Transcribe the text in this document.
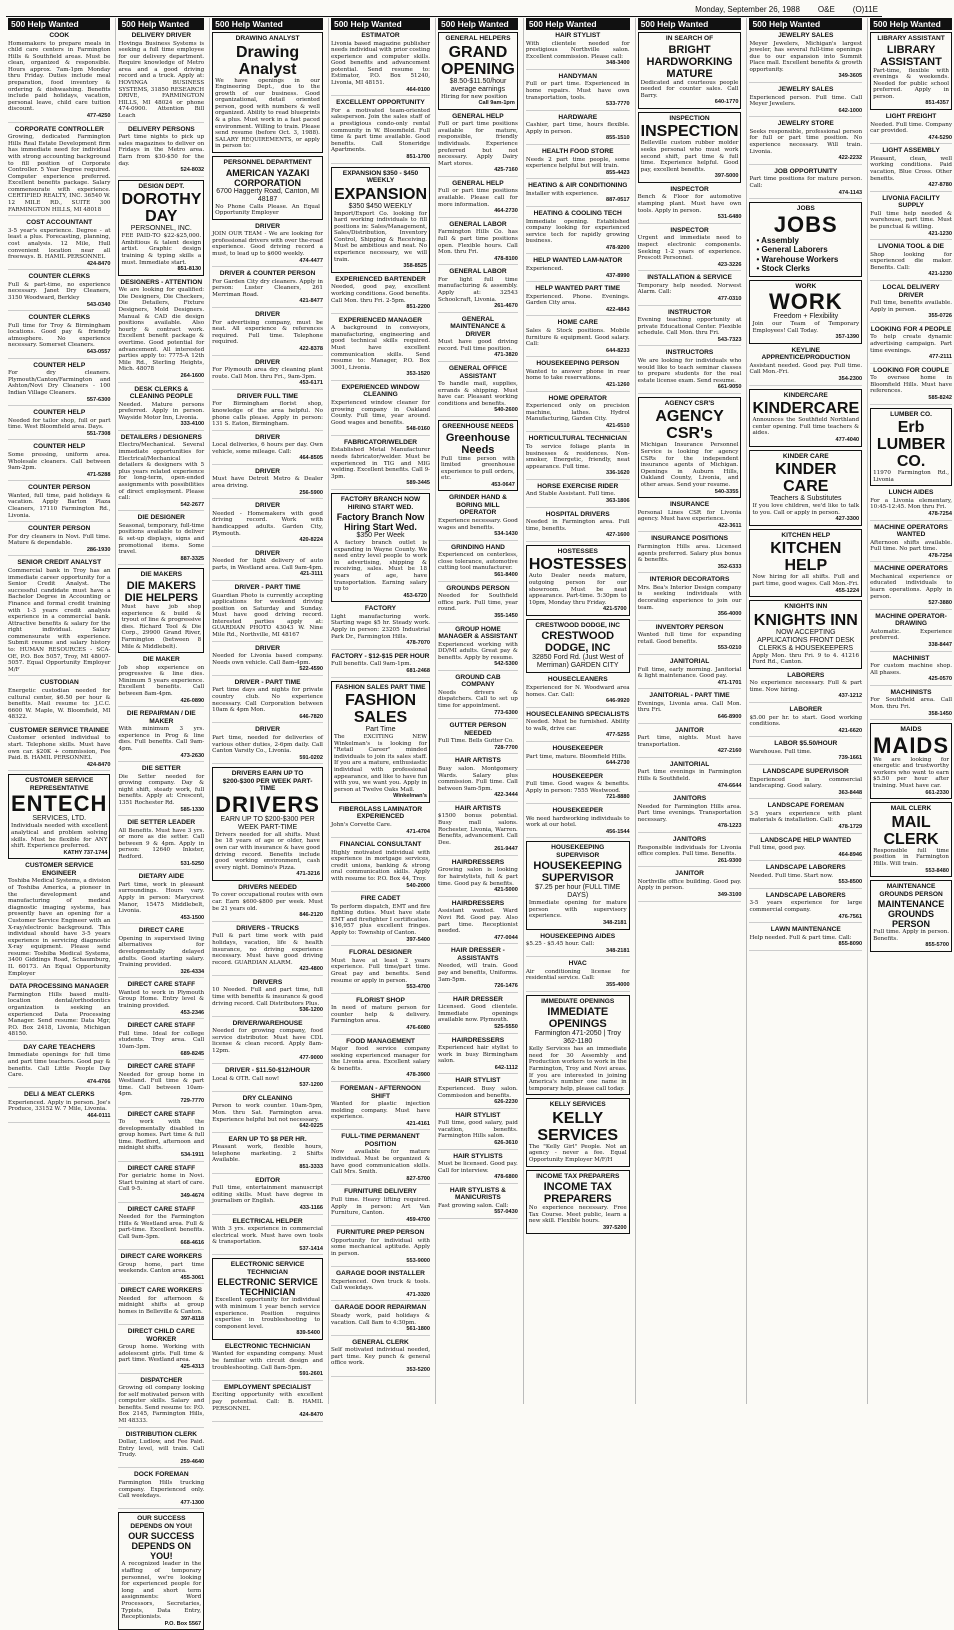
Monday, September 26, 1988 O&E (O)11E
500 Help Wanted
COOK
Homemakers to prepare meals in child care centers in Farmington Hills & Southfield areas. Must be clean, organized & responsible. Hours approx. 7am-1pm Monday thru Friday. Duties include meal preparation, food inventory & ordering & dishwashing. Benefits include paid holidays, vacation, personal leave, child care tuition discount.
477-4250
CORPORATE CONTROLLER
Growing, dedicated Farmington Hills Real Estate Development firm has immediate need for individual with strong accounting background to fill position of Corporate Controller. 5 Year Degree required. Computer experience preferred. Excellent benefits package. Salary commensurate with experience. CERTIFIED REALTY, INC. 36540 W. 12 MILE RD., SUITE 300 FARMINGTON HILLS, MI 48018
COST ACCOUNTANT
3-5 year's experience. Degree - at least a plus. Forecasting, planning, cost analysis. 12 Mile, Hull convenient location near all freeways. B. HAMIL PERSONNEL
424-8470
COUNTER CLERKS
Full & part-time, no experience necessary. Janet Dry Cleaners, 3150 Woodward, Berkley
543-0340
COUNTER CLERKS
Full time for Troy & Birmingham locations. Good pay & friendly atmosphere. No experience necessary. Somerset Cleaners.
643-0557
COUNTER HELP
For dry cleaners. Plymouth/Canton/Farmington and Ashton/Novi Dry Cleaners - 100 Indian Village Cleaners.
557-6300
COUNTER HELP
Needed for tailor shop, full or part time. West Bloomfield area. Days.
551-7308
COUNTER HELP
Some pressing, uniform area. Wholesale cleaners. Call between 9am-2pm.
471-5288
COUNTER PERSON
Wanted, full time, paid holidays & vacation. Apply Barton Plaza Cleaners, 17110 Farmington Rd., Livonia.
COUNTER PERSON
For dry cleaners in Novi. Full time. Mature & dependable.
286-1930
SENIOR CREDIT ANALYST
Commercial bank in Troy has an immediate career opportunity for a Senior Credit Analyst. The successful candidate must have a Bachelor Degree in Accounting or Finance and formal credit training with 1-3 years credit analysis experience in a commercial bank. Attractive benefits & salary for the right individual. Salary commensurate with experience. Submit resume and salary history to: HUMAN RESOURCES - SCA-OE, P.O. Box 5057, Troy, MI 48007-5057. Equal Opportunity Employer M/F
CUSTODIAN
Energetic custodian needed for cultural center, $6.50 per hour & benefits. Mail resume to: J.C.C. 6600 W. Maple, W. Bloomfield, MI 48322.
CUSTOMER SERVICE TRAINEE
Customer oriented individual to start. Telephone skills. Must have own car. $20K + commission, Fee Paid. B. HAMIL PERSONNEL
424-8470
CUSTOMER SERVICE REPRESENTATIVE
ENTECH
SERVICES, LTD.
Individuals needed with excellent analytical and problem solving skills. Must be flexible for ANY shift. Experience preferred.
KATHY 737-1744
CUSTOMER SERVICE ENGINEER
Toshiba Medical Systems, a division of Toshiba America, a pioneer in the development and manufacturing of medical diagnostic imaging systems, has presently have an opening for a Customer Service Engineer with an X-ray/electronic background. This individual should have 3-5 years experience in servicing diagnostic X-ray equipment. Please send resume: Toshiba Medical Systems, 3400 Giddings Road, Schaumburg, IL 60173. An Equal Opportunity Employer
DATA PROCESSING MANAGER
Farmington Hills based multi-location dental/orthodontics organization is seeking an experienced Data Processing Manager. Send resume: Data Mgr, P.O. Box 2418, Livonia, Michigan 48150.
DAY CARE TEACHERS
Immediate openings for full time and part time teachers. Good pay & benefits. Call Little People Day Care.
474-4766
DELI & MEAT CLERKS
Experienced. Apply in person. Joe's Produce, 33152 W. 7 Mile, Livonia.
464-0111
500 Help Wanted
DELIVERY DRIVER
Hovinga Business Systems is seeking a full time employee for our delivery department. Require knowledge of Metro area and a good driving record and a truck. Apply at: HOVINGA BUSINESS SYSTEMS, 31850 RESEARCH DRIVE, FARMINGTON HILLS, MI 48024 or phone 474-0900. Attention Bill Leach
DELIVERY PERSONS
Part time nights to pick up sales magazines to deliver on Fridays in the Metro area. Earn from $30-$50 for the day.
524-8032
DESIGN DEPT.
DOROTHY DAY
PERSONNEL, INC.
FEE PAID-TO $22-$25,000. Ambitious & talent design artist. Graphic design training & typing skills a must. Immediate start.
851-8130
DESIGNERS - ATTENTION
We are looking for qualified: Die Designers, Die Checkers, Die Detailers, Fixture Designers, Mold Designers. Manual & CAD die design positions available. Also hourly & contract work. Excellent benefit package & overtime. Good potential for advancement. All interested parties apply to: 7775-A 12th Mile Rd., Sterling Heights, Mich. 48078
264-1600
DESK CLERKS & CLEANING PEOPLE
Needed. Mature persons preferred. Apply in person. Wayside Motor Inn, Livonia.
333-4100
DETAILERS / DESIGNERS
Electro/Mechanical. Several immediate opportunities for Electrical/Mechanical detailers & designers with 5 plus years related experience for long-term, open-ended assignments with possibilities of direct employment. Please call:
542-2677
DIE DESIGNER
Seasonal, temporary, full-time positions available to deliver & set-up displays, signs and promotional items. Some travel.
887-3325
DIE MAKERS
DIE MAKERS DIE HELPERS
Must have job shop experience & build & tryout of line & progressive dies. Richard Tool & Die Corp., 29900 Grand River, Farmington (between 8 Mile & Middlebelt).
DIE MAKER
Job shop experience on progressive & line dies. Minimum 5 years experience. Excellent benefits. Call between 8am-4pm.
426-0890
DIE REPAIRMAN / DIE MAKER
With minimum 3 yrs. experience in Prog & line dies. Full benefits. Call 9am-4pm.
473-2630
DIE SETTER
Die Setter needed for growing company. Day & night shift, steady work, full benefits. Apply at: Crescent, 1351 Rochester Rd.
585-1330
DIE SETTER LEADER
All Benefits. Must have 3 yrs. or more as die setter. Call between 9 & 4pm. Apply in person: 12640 Inkster, Redford.
531-5250
DIETARY AIDE
Part time, work in pleasant surroundings. Hours vary. Apply in person: Marycrest Manor, 15475 Middlebelt, Livonia.
453-1500
DIRECT CARE
Opening in supervised living alternatives for developmentally delayed adults. Good starting salary. Training provided.
326-4334
DIRECT CARE STAFF
Wanted to work in Plymouth Group Home. Entry level & training provided.
453-2346
DIRECT CARE STAFF
Full time. Ideal for college students. Troy area. Call 10am-3pm.
689-8245
DIRECT CARE STAFF
Needed for group home in Westland. Full time & part time. Call between 10am-4pm.
729-7770
DIRECT CARE STAFF
To work with the developmentally disabled in group homes. Part time & full time. Redford, afternoon and midnight shifts.
534-1911
DIRECT CARE STAFF
For geriatric home in Novi. Start training at start of care. Call 9-5.
349-4674
DIRECT CARE STAFF
Needed for the Farmington Hills & Westland area. Full & part-time. Excellent benefits. Call 9am-3pm.
668-4616
DIRECT CARE WORKERS
Group home, part time weekends. Canton area.
455-3061
DIRECT CARE WORKERS
Needed for afternoon & midnight shifts at group homes in Belleville & Canton.
397-8118
DIRECT CHILD CARE WORKER
Group home. Working with adolescent girls. Full time & part time. Westland area.
425-4313
DISPATCHER
Growing oil company looking for self motivated person with computer skills. Salary and benefits. Send resume to: P.O. Box 2145, Farmington Hills, MI 48333.
DISTRIBUTION CLERK
Dollar, Ludlow, and Fee Paid. Entry level, will train. Call Trudy.
259-4640
DOCK FOREMAN
Farmington Hills trucking company. Experienced only. Call weekdays.
477-1300
OUR SUCCESS DEPENDS ON YOU!
OUR SUCCESS DEPENDS ON YOU!
A recognized leader in the staffing of temporary personnel, we're looking for experienced people for long and short term assignments: Word Processors, Secretaries, Typists, Data Entry, Receptionists.
P.O. Box 5567
500 Help Wanted
DRAWING ANALYST
Drawing Analyst
We have openings in our Engineering Dept., due to the growth of our business. Good organizational, detail oriented person, good with numbers & well organized. Ability to read blueprints & a plus. Must work in a fast paced environment. Willing to train. Please send resume (before Oct. 3, 1988). SALARY REQUIREMENTS, or apply in person to:
PERSONNEL DEPARTMENT
AMERICAN YAZAKI CORPORATION
6700 Haggerty Road, Canton, MI 48187
No Phone Calls Please. An Equal Opportunity Employer
DRIVER
JOIN OUR TEAM - We are looking for professional drivers with over the-road experience. Good driving record a must, to lead up to $600 weekly.
474-4477
DRIVER & COUNTER PERSON
For Garden City dry cleaners. Apply in person: Luster Cleaners, 261 Merriman Road.
421-8477
DRIVER
For advertising company, must be neat. All experience & references required. Full time. Telephone required.
422-8378
DRIVER
For Plymouth area dry cleaning plant route. Call Mon. thru Fri., 9am-3pm.
453-6171
DRIVER FULL TIME
For Birmingham florist shop, knowledge of the area helpful. No phone calls please. Apply in person: 131 S. Eaton, Birmingham.
DRIVER
Local deliveries, 6 hours per day. Own vehicle, some mileage. Call:
464-8505
DRIVER
Must have Detroit Metro & Dealer area driving.
256-5900
DRIVER
Needed - Homemakers with good driving record. Work with handicapped adults. Garden City, Plymouth.
420-8224
DRIVER
Needed for light delivery of auto parts, in Westland area. Call 9am-4pm.
421-3111
DRIVER - PART TIME
Guardian Photo is currently accepting applications for weekend driving position on Saturday and Sunday. Must have good driving record. Interested parties apply at: GUARDIAN PHOTO 43043 W. Nine Mile Rd., Northville, MI 48167
DRIVER
Needed for Livonia based company. Needs own vehicle. Call 8am-4pm.
522-4590
DRIVER - PART TIME
Part time days and nights for private country club. No experience necessary. Call Corporation between 10am & 4pm Mon.
646-7820
DRIVER
Part time, needed for deliveries of various other duties, 2-6pm daily. Call Canton Varsity Co., Livonia.
591-0202
DRIVERS EARN UP TO $200-$300 PER WEEK PART-TIME
DRIVERS
EARN UP TO $200-$300 PER WEEK PART-TIME
Drivers needed for all shifts. Must be 18 years of age or older, have own car with insurance & have good driving record. Benefits include good working environment, cash every night. Domino's Pizza.
471-3216
DRIVERS NEEDED
To cover occupational routes with own car. Earn $600-$800 per week. Must be 21 years old.
846-2120
DRIVERS - TRUCKS
Full & part time work with paid holidays, vacation, life & health insurance, no driving experience necessary. Must have good driving record. GUARDIAN ALARM.
423-4800
DRIVERS
10 Needed. Full and part time, full time with benefits & insurance & good driving record. Call Distributors Plus.
536-1200
DRIVER/WAREHOUSE
Needed for growing company, food service distributor. Must have CDL license & clean record. Apply 8am-12pm.
477-9000
DRIVER - $11.50-$12/HOUR
Local & OTR. Call now!
537-1200
DRY CLEANING
Person to work counter. 10am-5pm, Mon. thru Sat. Farmington area. Experience helpful but not necessary.
642-0225
EARN UP TO $8 PER HR.
Pleasant work, flexible hours, telephone marketing. 2 Shifts Available.
851-3333
EDITOR
Full time, entertainment manuscript editing skills. Must have degree in journalism or English.
433-1166
ELECTRICAL HELPER
With 3 yrs. experience in commercial electrical work. Must have own tools & transportation.
537-1414
ELECTRONIC SERVICE TECHNICIAN
ELECTRONIC SERVICE TECHNICIAN
Excellent opportunity for individual with minimum 1 year bench service experience. Position requires expertise in troubleshooting to component level.
839-5400
ELECTRONIC TECHNICIAN
Wanted for expanding company. Must be familiar with circuit design and troubleshooting. Call 8am-5pm.
591-2601
EMPLOYMENT SPECIALIST
Exciting opportunity with excellent pay potential. Call: B. HAMIL PERSONNEL
424-8470
500 Help Wanted
ESTIMATOR
Livonia based magazine publisher needs individual with prior costing experience and computer skills. Good benefits and advancement potential. Send resume to: Estimator, P.O. Box 51240, Livonia, MI 48151.
464-0100
EXCELLENT OPPORTUNITY
For a motivated team-oriented salesperson. Join the sales staff of a prestigious condo-only rental community in W. Bloomfield. Full time & part time available. Good benefits. Call Stoneridge Apartments.
851-1700
EXPANSION $350 - $450 WEEKLY
EXPANSION
$350 $450 WEEKLY
Import/Export Co. looking for hard working individuals to fill positions in: Sales/Management, Sales/Distribution, Inventory Control, Shipping & Receiving. Must be ambitious and neat. No experience necessary, we will train.
358-8525
EXPERIENCED BARTENDER
Needed, good pay, excellent working conditions. Good benefits. Call Mon. thru Fri. 2-5pm.
851-2200
EXPERIENCED MANAGER
A background in conveyors, manufacturing, engineering and good technical skills required. Must have excellent communication skills. Send resume to: Manager, P.O. Box 3001, Livonia.
353-1520
EXPERIENCED WINDOW CLEANING
Experienced window cleaner for growing company in Oakland County. Full time, year around. Good wages and benefits.
548-0160
FABRICATOR/WELDER
Established Metal Manufacturer needs fabricator/welder. Must be experienced in TIG and MIG welding. Excellent benefits. Call 9-3pm.
589-3445
FACTORY BRANCH NOW HIRING START WED.
Factory Branch Now Hiring Start Wed.
$350 Per Week
A factory branch outlet is expanding in Wayne County. We need entry level people to work in advertising, shipping & receiving, sales. Must be 18 years of age, have transportation. Earning salary up to
453-6720
FACTORY
Light manufacturing work. Starting wage $5 hr. Steady work. Apply in person: 23205 Industrial Park Dr., Farmington Hills.
478-7070
FACTORY - $12-$15 PER HOUR
Full benefits. Call 9am-1pm.
681-2468
FASHION SALES PART TIME
FASHION SALES
Part Time
The EXCITING NEW Winkelman's is looking for "Retail Career" minded individuals to join its sales staff. If you are a mature, enthusiastic individual with professional appearance, and like to have fun with you, we want you. Apply in person at Twelve Oaks Mall.
Winkelman's
FIBERGLASS LAMINATOR EXPERIENCED
John's Corvette Care.
471-4704
FINANCIAL CONSULTANT
Highly motivated individual with experience in mortgage services, credit unions, banking & strong oral communication skills. Apply with resume to: P.O. Box 44, Troy.
540-2000
FIRE CADET
To perform dispatch, EMT and fire fighting duties. Must have state EMT and firefighter I certification. $16,957 plus excellent fringes. Apply to: Township of Canton.
397-5400
FLORAL DESIGNER
Must have at least 2 years experience. Full time/part time. Great pay and benefits. Send resume or apply in person.
553-4700
FLORIST SHOP
In need of mature person for counter help & delivery. Farmington area.
476-6080
FOOD MANAGEMENT
Major food service company seeking experienced manager for the Livonia area. Excellent salary & benefits.
478-3900
FOREMAN - AFTERNOON SHIFT
Wanted for plastic injection molding company. Must have experience.
421-4161
FULL-TIME PERMANENT POSITION
Now available for mature individual. Must be organized & have good communication skills. Call Mrs. Smith.
827-5700
FURNITURE DELIVERY
Full time. Heavy lifting required. Apply in person: Art Van Furniture, Canton.
459-4700
FURNITURE PREP PERSON
Opportunity for individual with some mechanical aptitude. Apply in person.
553-9000
GARAGE DOOR INSTALLER
Experienced. Own truck & tools. Call weekdays.
471-3320
GARAGE DOOR REPAIRMAN
Steady work, paid holidays & vacation. Call 8am to 4:30pm.
561-1800
GENERAL CLERK
Self motivated individual needed, part time. Key punch & general office work.
353-5200
500 Help Wanted
GENERAL HELPERS
GRAND OPENING
$8.50-$11.50/hour average earnings
Hiring for new position
Call 9am-1pm
GENERAL HELP
Full or part time positions available for mature, responsible, friendly individuals. Experience preferred but not necessary. Apply Dairy Mart stores.
425-7160
GENERAL HELP
Full or part time positions available. Please call for more information.
464-2730
GENERAL LABOR
Farmington Hills Co. has full & part time positions open. Flexible hours. Call Mon. thru Fri.
478-8100
GENERAL LABOR
For light full time manufacturing & assembly. Apply at: 32543 Schoolcraft, Livonia.
261-4670
GENERAL MAINTENANCE & DRIVER
Must have good driving record. Full time position.
471-3820
GENERAL OFFICE ASSISTANT
To handle mail, supplies, errands & shipping. Must have car. Pleasant working conditions and benefits.
540-2600
GREENHOUSE NEEDS
Greenhouse Needs
Full time person with limited greenhouse experience to pull orders, etc.
453-0647
GRINDER HAND & BORING MILL OPERATOR
Experience necessary. Good wages and benefits.
534-1430
GRINDING HAND
Experienced on centerless, close tolerance, automotive cutting tool manufacturer.
561-8400
GROUNDS PERSON
Needed for Southfield office park. Full time, year round.
355-1450
GROUP HOME MANAGER & ASSISTANT
Experienced working with DD/MI adults. Great pay & benefits. Apply by resume.
542-5300
GROUND CAB COMPANY
Needs drivers & dispatchers. Call to set up time for appointment.
773-6300
GUTTER PERSON NEEDED
Full Time. Bells Gutter Co.
728-7700
HAIR ARTISTS
Busy salon. Montgomery Wards. Salary plus commission. Full time. Call between 9am-5pm.
422-3444
HAIR ARTISTS
$1500 bonus potential. Busy mall salons. Rochester, Livonia, Warren. Benefits, advancement. Call Dee.
261-9447
HAIRDRESSERS
Growing salon is looking for hairstylists, full & part time. Good pay & benefits.
421-5000
HAIRDRESSERS
Assistant wanted. Ward Novi Rd. Good pay. Also part time. Receptionist needed.
477-0044
HAIR DRESSER - ASSISTANTS
Needed, will train. Good pay and benefits, Uniforms. 3am-5pm.
726-1476
HAIR DRESSER
Licensed. Good clientele. Immediate openings available now. Plymouth.
525-5550
HAIRDRESSERS
Experienced hair stylist to work in busy Birmingham salon.
642-1112
HAIR STYLIST
Experienced. Busy salon. Commission and benefits.
626-2230
HAIR STYLIST
Full time, good salary, paid vacation, benefits. Farmington Hills salon.
626-3610
HAIR STYLISTS
Must be licensed. Good pay. Call for interview.
478-6800
HAIR STYLISTS & MANICURISTS
Fast growing salon. Call:
557-0430
500 Help Wanted
HAIR STYLIST
With clientele needed for prestigious Northville salon. Excellent commission. Please call:
348-3400
HANDYMAN
Full or part time. Experienced in home repairs. Must have own transportation, tools.
533-7770
HARDWARE
Cashier, part time, hours flexible. Apply in person.
855-1510
HEALTH FOOD STORE
Needs 2 part time people, some experience helpful but will train.
855-4423
HEATING & AIR CONDITIONING
Installer with experience.
887-0517
HEATING & COOLING TECH
Immediate opening. Established company looking for experienced service tech for rapidly growing business.
478-9200
HELP WANTED LAM-NATOR
Experienced.
437-8990
HELP WANTED PART TIME
Experienced. Phone. Evenings. Garden City area.
422-4843
HOME CARE
Sales & Stock positions. Mobile furniture & equipment. Good salary. Call:
644-8233
HOUSEKEEPING PERSON
Wanted to answer phone in rear home to take reservations.
421-1260
HOME OPERATOR
Experienced only on precision machine, lathes. Hydrol Manufacturing, Garden City.
421-6510
HORTICULTURAL TECHNICIAN
To service foliage plants in businesses & residences. Non-smoker, Energetic, friendly, neat appearance. Full time.
336-1620
HORSE EXERCISE RIDER
And Stable Assistant. Full time.
363-1806
HOSPITAL DRIVERS
Needed in Farmington area. Full time, benefits.
427-1600
HOSTESSES
HOSTESSES
Auto Dealer needs mature, outgoing person for our showroom. Must be neat appearance. Part-time. 5:30pm to 10pm, Monday thru Friday.
421-5700
CRESTWOOD DODGE, INC
CRESTWOOD DODGE, INC
32850 Ford Rd. (Just West of Merriman) GARDEN CITY
HOUSECLEANERS
Experienced for N. Woodward area homes. Car. Call:
646-9920
HOUSECLEANING SPECIALISTS
Needed. Must be furnished. Ability to walk, drive car.
477-5255
HOUSEKEEPER
Part time, mature. Bloomfield Hills.
644-2730
HOUSEKEEPER
Full time. Good wages & benefits. Apply in person: 7555 Westwood.
721-8880
HOUSEKEEPER
We need hardworking individuals to work at our hotel.
456-1544
HOUSEKEEPING SUPERVISOR
HOUSEKEEPING SUPERVISOR
$7.25 per hour (FULL TIME DAYS)
Immediate opening for mature person with supervisory experience.
348-2181
HOUSEKEEPING AIDES
$5.25 - $5.45 hour. Call:
348-2181
HVAC
Air conditioning license for residential service. Call:
355-4000
IMMEDIATE OPENINGS
IMMEDIATE OPENINGS
Farmington 471-2050 | Troy 362-1180
Kelly Services has an immediate need for 30 Assembly and Production workers to work in the Farmington, Troy and Novi areas. If you are interested in joining America's number one name in temporary help, please call today.
KELLY SERVICES
KELLY SERVICES
The "Kelly Girl" People. Not an agency - never a fee. Equal Opportunity Employer M/F/H
INCOME TAX PREPARERS
INCOME TAX PREPARERS
No experience necessary. Free Tax Course. Meet public, learn a new skill. Flexible hours.
397-5200
500 Help Wanted
IN SEARCH OF
BRIGHT HARDWORKING MATURE
Dedicated and courteous people needed for counter sales. Call Barry.
640-1770
INSPECTION
INSPECTION
Belleville custom rubber molder seeks personal who must work second shift, part time & full time. Experience helpful. Good pay, excellent benefits.
397-5000
INSPECTOR
Bench & Floor for automotive stamping plant. Must have own tools. Apply in person.
531-6480
INSPECTOR
Urgent and immediate need to inspect electronic components. Seeking 1-2 years of experience. Prescott Personnel.
423-3226
INSTALLATION & SERVICE
Temporary help needed. Norwest Alarm. Call:
477-0310
INSTRUCTOR
Evening teaching opportunity at private Educational Center. Flexible schedule. Call Mon. thru Fri.
543-7323
INSTRUCTORS
We are looking for individuals who would like to teach seminar classes to prepare students for the real estate license exam. Send resume.
661-9050
AGENCY CSR'S
AGENCY CSR's
Michigan Insurance Personnel Service is looking for agency CSRs for the independent insurance agents of Michigan. Openings in Auburn Hills, Oakland County, Livonia, and other areas. Send your resume.
540-3355
INSURANCE
Personal Lines CSR for Livonia agency. Must have experience.
422-3611
INSURANCE POSITIONS
Farmington Hills area. Licensed agents preferred. Salary plus bonus & benefits.
352-6333
INTERIOR DECORATORS
Mrs. Bea's Interior Design company is seeking individuals with decorating experience to join our team.
356-4000
INVENTORY PERSON
Wanted full time for expanding retail. Good benefits.
553-0210
JANITORIAL
Full time, early morning. Janitorial & light maintenance. Good pay.
471-1701
JANITORIAL - PART TIME
Evenings, Livonia area. Call Mon. thru Fri.
646-8900
JANITOR
Part time, nights. Must have transportation.
427-2160
JANITORIAL
Part time evenings in Farmington Hills & Southfield.
474-6644
JANITORS
Needed for Farmington Hills area. Part time evenings. Transportation necessary.
478-1223
JANITORS
Responsible individuals for Livonia office complex. Full time. Benefits.
261-9300
JANITOR
Northville office building. Good pay. Apply in person.
349-3100
500 Help Wanted
JEWELRY SALES
Meyer Jewelers, Michigan's largest jeweler, has several full-time openings due to our expansion into Summit Place mall. Excellent benefits & growth opportunity.
349-3605
JEWELRY SALES
Experienced person. Full time. Call Meyer Jewelers.
642-1000
JEWELRY STORE
Seeks responsible, professional person for full or part time position. No experience necessary. Will train. Livonia.
422-2232
JOB OPPORTUNITY
Part time positions for mature person. Call:
474-1143
JOBS
JOBS
• Assembly
• General Laborers
• Warehouse Workers
• Stock Clerks
WORK
WORK
Freedom + Flexibility
Join our Team of Temporary Employees! Call Today.
357-1390
KEYLINE APPRENTICE/PRODUCTION
Assistant needed. Good pay. Full time. Call Mon.-Fri.
354-2300
KINDERCARE
KINDERCARE
Announces the Southfield Northland center opening. Full time teachers & aides.
477-4040
KINDER CARE
KINDER CARE
Teachers & Substitutes
If you love children, we'd like to talk to you. Call or apply in person.
427-3300
KITCHEN HELP
KITCHEN HELP
Now hiring for all shifts. Full and part time, good wages. Call Mon.-Fri.
455-1224
KNIGHTS INN
KNIGHTS INN
NOW ACCEPTING APPLICATIONS FRONT DESK CLERKS & HOUSEKEEPERS
Apply Mon. thru Fri. 9 to 4. 41216 Ford Rd., Canton.
LABORERS
No experience necessary. Full & part time. Now hiring.
437-1212
LABORER
$5.00 per hr. to start. Good working conditions.
421-6620
LABOR $5.50/HOUR
Warehouse. Full time.
739-1661
LANDSCAPE SUPERVISOR
Experienced in commercial landscaping. Good salary.
363-8448
LANDSCAPE FOREMAN
3-5 years experience with plant materials & installation. Call:
478-1729
LANDSCAPE HELP WANTED
Full time, good pay.
464-8946
LANDSCAPE LABORERS
Needed. Full time. Start now.
553-8500
LANDSCAPE LABORERS
3-5 years experience for large commercial company.
476-7561
LAWN MAINTENANCE
Help needed. Full & part time. Call:
855-8090
500 Help Wanted
LIBRARY ASSISTANT
LIBRARY ASSISTANT
Part-time, flexible with evenings & weekends. Needed for public school preferred. Apply in person.
851-4357
LIGHT FREIGHT
Needed. Full time. Company car provided.
474-5290
LIGHT ASSEMBLY
Pleasant, clean, well working conditions. Paid vacation, Blue Cross. Other benefits.
427-8780
LIVONIA FACILITY SUPPLY
Full time help needed & warehouse, part time. Must be punctual & willing.
421-1230
LIVONIA TOOL & DIE
Shop looking for experienced die maker. Benefits. Call:
421-1230
LOCAL DELIVERY DRIVER
Full time, benefits available. Apply in person.
355-0726
LOOKING FOR 4 PEOPLE
To help create dynamic advertising campaign. Part time evenings.
477-2111
LOOKING FOR COUPLE
To oversee home in Bloomfield Hills. Must have references.
585-8242
LUMBER CO.
Erb LUMBER CO.
11970 Farmington Rd., Livonia
LUNCH AIDES
For a Livonia elementary, 10:45-12:45. Mon thru Fri.
478-7254
MACHINE OPERATORS WANTED
Afternoon shifts available. Full time. No part time.
478-7254
MACHINE OPERATORS
Mechanical experience or educated individuals to learn operations. Apply in person.
527-3880
MACHINE OPERATOR-DRAWING
Automatic. Experience preferred.
338-8447
MACHINIST
For custom machine shop. All phases.
425-0570
MACHINISTS
For Southfield area. Call Mon. thru Fri.
358-1450
MAIDS
MAIDS
We are looking for energetic and trustworthy workers who want to earn $5.50 per hour after training. Must have car.
661-2330
MAIL CLERK
MAIL CLERK
Responsible full time position in Farmington Hills. Will train.
553-8480
MAINTENANCE GROUNDS PERSON
MAINTENANCE GROUNDS PERSON
Full time. Apply in person. Benefits.
855-5700
